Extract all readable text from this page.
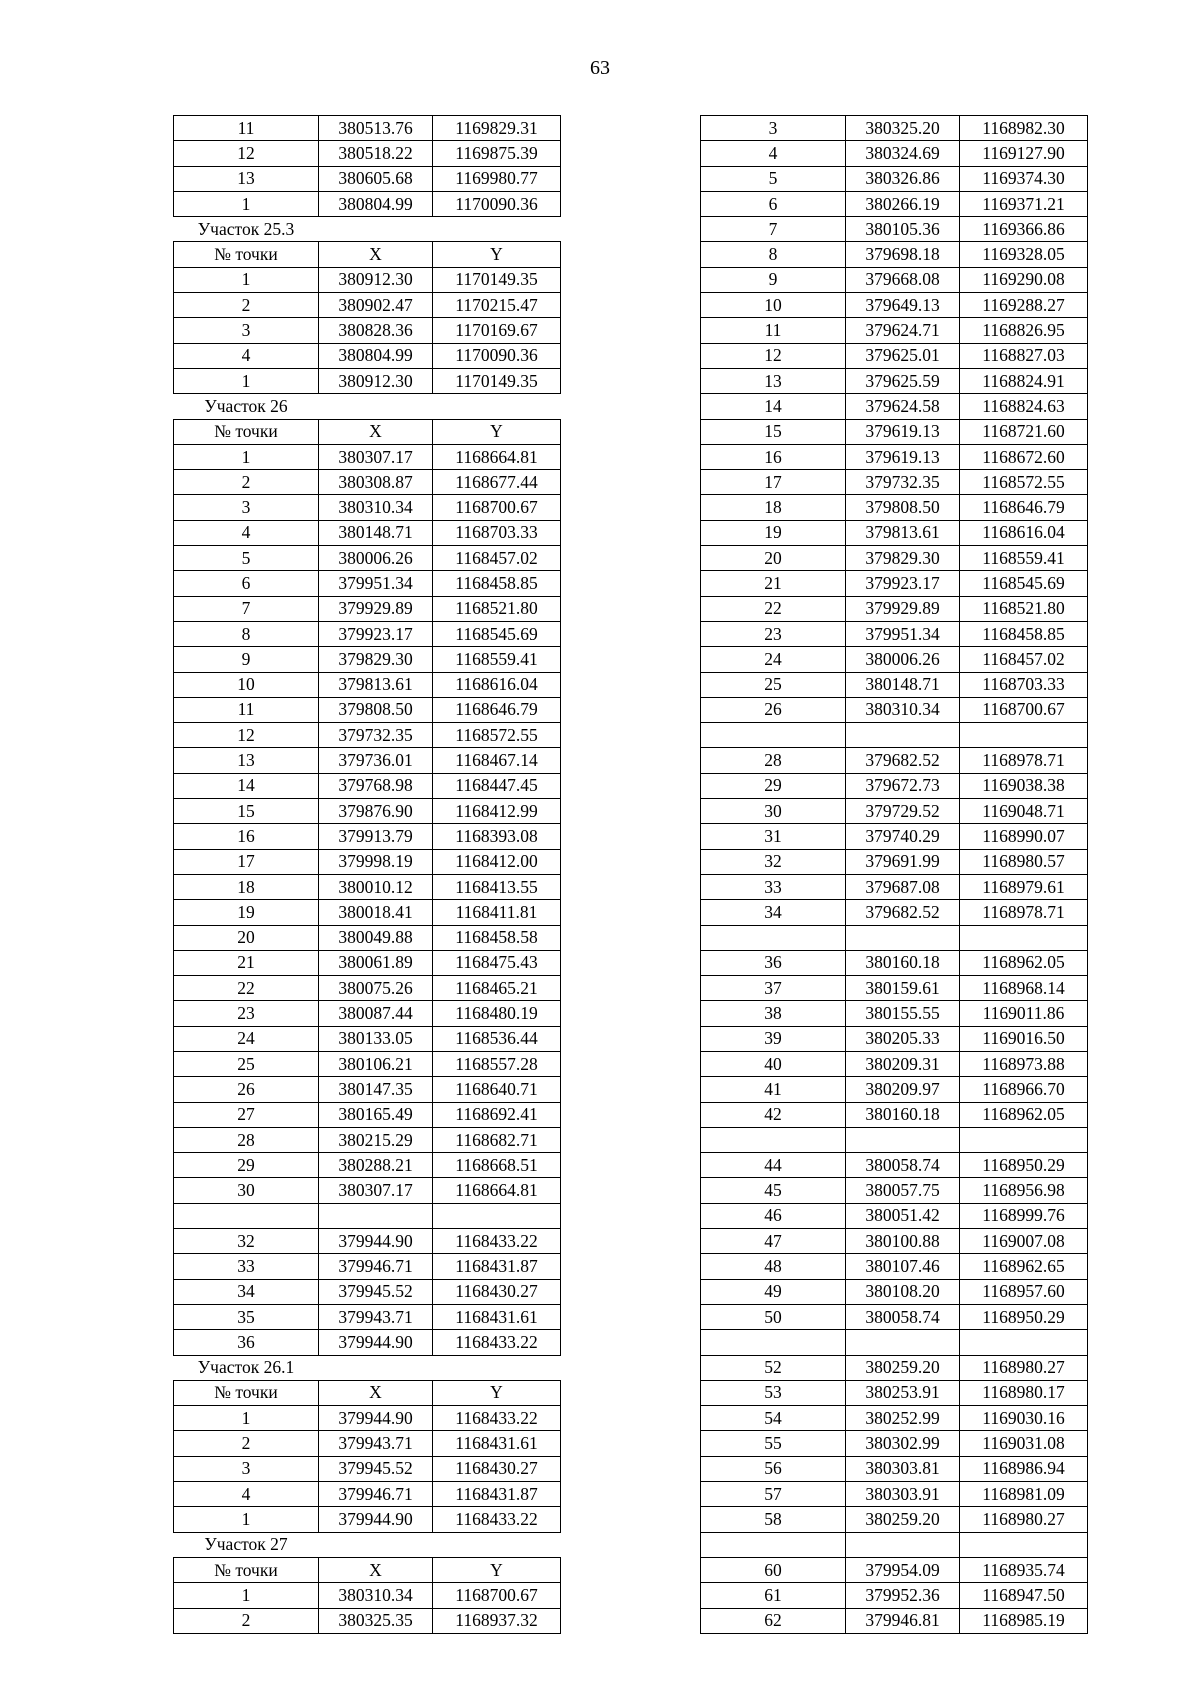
63
11	380513.76	1169829.31
12	380518.22	1169875.39
13	380605.68	1169980.77
1	380804.99	1170090.36
Участок 25.3		
№ точки	X	Y
1	380912.30	1170149.35
2	380902.47	1170215.47
3	380828.36	1170169.67
4	380804.99	1170090.36
1	380912.30	1170149.35
Участок 26		
№ точки	X	Y
1	380307.17	1168664.81
2	380308.87	1168677.44
3	380310.34	1168700.67
4	380148.71	1168703.33
5	380006.26	1168457.02
6	379951.34	1168458.85
7	379929.89	1168521.80
8	379923.17	1168545.69
9	379829.30	1168559.41
10	379813.61	1168616.04
11	379808.50	1168646.79
12	379732.35	1168572.55
13	379736.01	1168467.14
14	379768.98	1168447.45
15	379876.90	1168412.99
16	379913.79	1168393.08
17	379998.19	1168412.00
18	380010.12	1168413.55
19	380018.41	1168411.81
20	380049.88	1168458.58
21	380061.89	1168475.43
22	380075.26	1168465.21
23	380087.44	1168480.19
24	380133.05	1168536.44
25	380106.21	1168557.28
26	380147.35	1168640.71
27	380165.49	1168692.41
28	380215.29	1168682.71
29	380288.21	1168668.51
30	380307.17	1168664.81

32	379944.90	1168433.22
33	379946.71	1168431.87
34	379945.52	1168430.27
35	379943.71	1168431.61
36	379944.90	1168433.22
Участок 26.1		
№ точки	X	Y
1	379944.90	1168433.22
2	379943.71	1168431.61
3	379945.52	1168430.27
4	379946.71	1168431.87
1	379944.90	1168433.22
Участок 27		
№ точки	X	Y
1	380310.34	1168700.67
2	380325.35	1168937.32
3	380325.20	1168982.30
4	380324.69	1169127.90
5	380326.86	1169374.30
6	380266.19	1169371.21
7	380105.36	1169366.86
8	379698.18	1169328.05
9	379668.08	1169290.08
10	379649.13	1169288.27
11	379624.71	1168826.95
12	379625.01	1168827.03
13	379625.59	1168824.91
14	379624.58	1168824.63
15	379619.13	1168721.60
16	379619.13	1168672.60
17	379732.35	1168572.55
18	379808.50	1168646.79
19	379813.61	1168616.04
20	379829.30	1168559.41
21	379923.17	1168545.69
22	379929.89	1168521.80
23	379951.34	1168458.85
24	380006.26	1168457.02
25	380148.71	1168703.33
26	380310.34	1168700.67

28	379682.52	1168978.71
29	379672.73	1169038.38
30	379729.52	1169048.71
31	379740.29	1168990.07
32	379691.99	1168980.57
33	379687.08	1168979.61
34	379682.52	1168978.71

36	380160.18	1168962.05
37	380159.61	1168968.14
38	380155.55	1169011.86
39	380205.33	1169016.50
40	380209.31	1168973.88
41	380209.97	1168966.70
42	380160.18	1168962.05

44	380058.74	1168950.29
45	380057.75	1168956.98
46	380051.42	1168999.76
47	380100.88	1169007.08
48	380107.46	1168962.65
49	380108.20	1168957.60
50	380058.74	1168950.29

52	380259.20	1168980.27
53	380253.91	1168980.17
54	380252.99	1169030.16
55	380302.99	1169031.08
56	380303.81	1168986.94
57	380303.91	1168981.09
58	380259.20	1168980.27

60	379954.09	1168935.74
61	379952.36	1168947.50
62	379946.81	1168985.19
